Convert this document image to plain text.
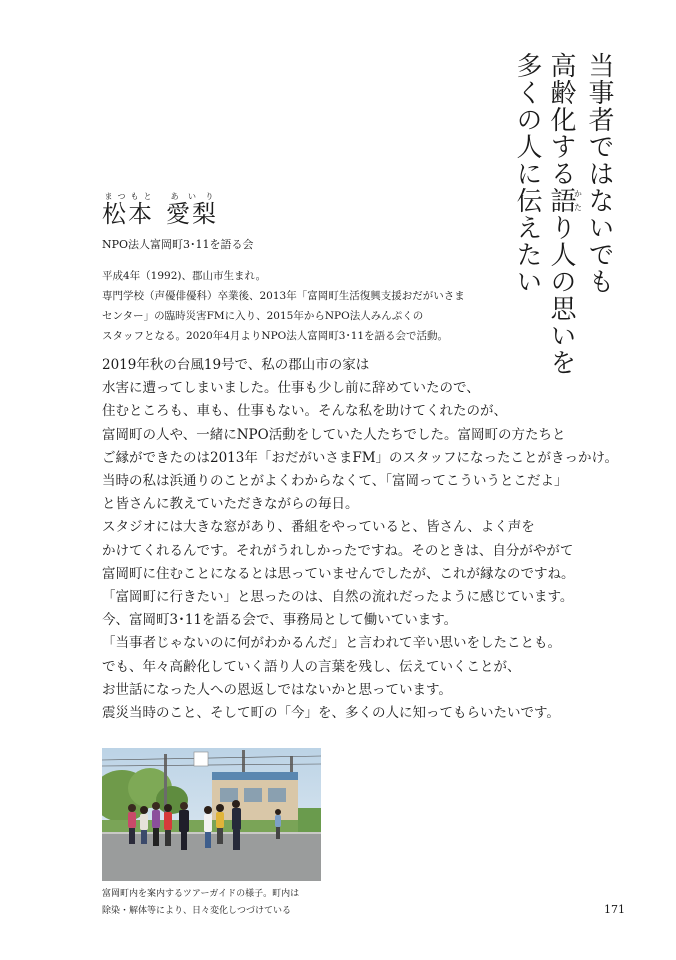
当事者ではないでも
高齢化する語かたり人の思いを
多くの人に伝えたい
松本まつもと愛梨あいり
NPO法人富岡町3･11を語る会
平成4年（1992)、郡山市生まれ。
専門学校（声優俳優科）卒業後、2013年「富岡町生活復興支援おだがいさま
センター」の臨時災害FMに入り、2015年からNPO法人みんぷくの
スタッフとなる。2020年4月よりNPO法人富岡町3･11を語る会で活動。
2019年秋の台風19号で、私の郡山市の家は
水害に遭ってしまいました。仕事も少し前に辞めていたので、
住むところも、車も、仕事もない。そんな私を助けてくれたのが、
富岡町の人や、一緒にNPO活動をしていた人たちでした。富岡町の方たちと
ご縁ができたのは2013年「おだがいさまFM」のスタッフになったことがきっかけ。
当時の私は浜通りのことがよくわからなくて、「富岡ってこういうとこだよ」
と皆さんに教えていただきながらの毎日。
スタジオには大きな窓があり、番組をやっていると、皆さん、よく声を
かけてくれるんです。それがうれしかったですね。そのときは、自分がやがて
富岡町に住むことになるとは思っていませんでしたが、これが縁なのですね。
「富岡町に行きたい」と思ったのは、自然の流れだったように感じています。
今、富岡町3･11を語る会で、事務局として働いています。
「当事者じゃないのに何がわかるんだ」と言われて辛い思いをしたことも。
でも、年々高齢化していく語り人の言葉を残し、伝えていくことが、
お世話になった人への恩返しではないかと思っています。
震災当時のこと、そして町の「今」を、多くの人に知ってもらいたいです。
富岡町内を案内するツアーガイドの様子。町内は
除染・解体等により、日々変化しつづけている	171
